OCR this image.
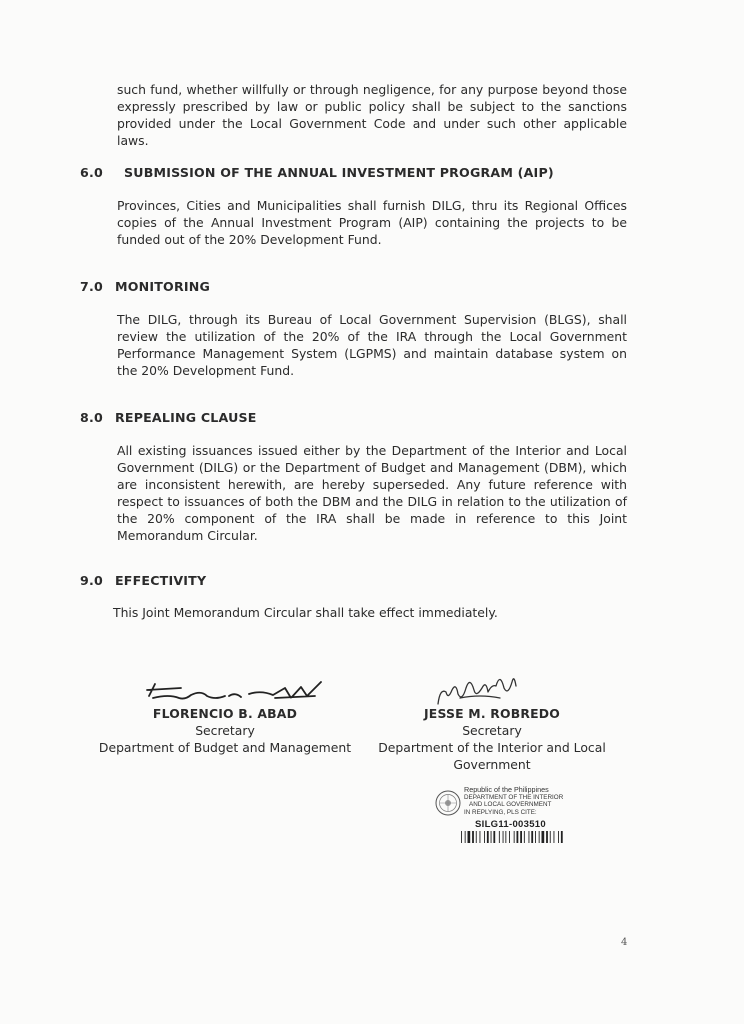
such fund, whether willfully or through negligence, for any purpose beyond those expressly prescribed by law or public policy shall be subject to the sanctions provided under the Local Government Code and under such other applicable laws.

6.0 SUBMISSION OF THE ANNUAL INVESTMENT PROGRAM (AIP)

Provinces, Cities and Municipalities shall furnish DILG, thru its Regional Offices copies of the Annual Investment Program (AIP) containing the projects to be funded out of the 20% Development Fund.

7.0 MONITORING

The DILG, through its Bureau of Local Government Supervision (BLGS), shall review the utilization of the 20% of the IRA through the Local Government Performance Management System (LGPMS) and maintain database system on the 20% Development Fund.

8.0 REPEALING CLAUSE

All existing issuances issued either by the Department of the Interior and Local Government (DILG) or the Department of Budget and Management (DBM), which are inconsistent herewith, are hereby superseded. Any future reference with respect to issuances of both the DBM and the DILG in relation to the utilization of the 20% component of the IRA shall be made in reference to this Joint Memorandum Circular.

9.0 EFFECTIVITY

This Joint Memorandum Circular shall take effect immediately.

FLORENCIO B. ABAD
Secretary
Department of Budget and Management
JESSE M. ROBREDO
Secretary
Department of the Interior and Local
Government
Republic of the Philippines
DEPARTMENT OF THE INTERIOR
AND LOCAL GOVERNMENT
IN REPLYING, PLS CITE:
SILG11-003510
4
